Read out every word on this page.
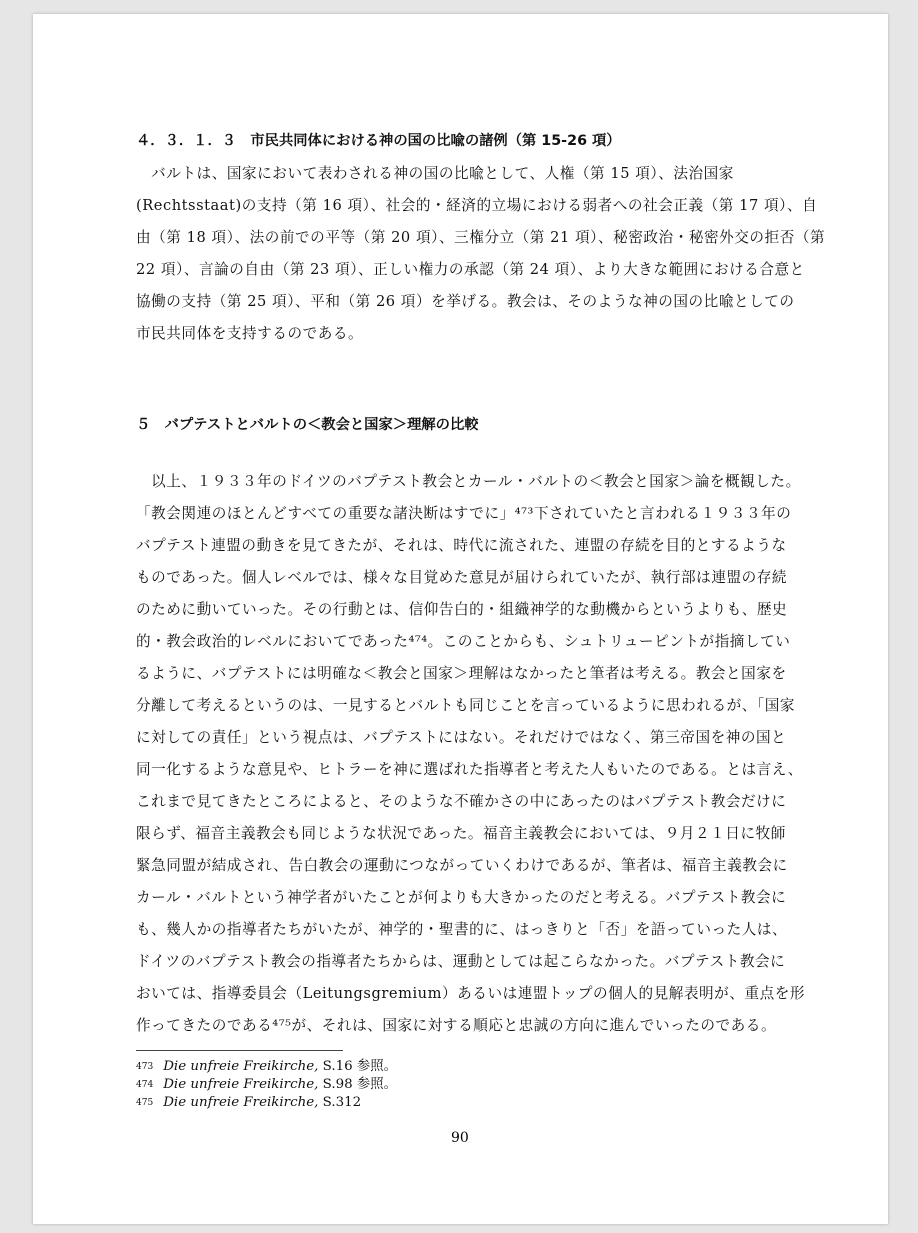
４．３．１．３　市民共同体における神の国の比喩の諸例（第 15-26 項）
　バルトは、国家において表わされる神の国の比喩として、人権（第 15 項）、法治国家
(Rechtsstaat)の支持（第 16 項）、社会的・経済的立場における弱者への社会正義（第 17 項）、自
由（第 18 項）、法の前での平等（第 20 項）、三権分立（第 21 項）、秘密政治・秘密外交の拒否（第
22 項）、言論の自由（第 23 項）、正しい権力の承認（第 24 項）、より大きな範囲における合意と
協働の支持（第 25 項）、平和（第 26 項）を挙げる。教会は、そのような神の国の比喩としての
市民共同体を支持するのである。
５　バプテストとバルトの＜教会と国家＞理解の比較
　以上、１９３３年のドイツのバプテスト教会とカール・バルトの＜教会と国家＞論を概観した。
「教会関連のほとんどすべての重要な諸決断はすでに」⁴⁷³下されていたと言われる１９３３年の
バプテスト連盟の動きを見てきたが、それは、時代に流された、連盟の存続を目的とするような
ものであった。個人レベルでは、様々な目覚めた意見が届けられていたが、執行部は連盟の存続
のために動いていった。その行動とは、信仰告白的・組織神学的な動機からというよりも、歴史
的・教会政治的レベルにおいてであった⁴⁷⁴。このことからも、シュトリューピントが指摘してい
るように、バプテストには明確な＜教会と国家＞理解はなかったと筆者は考える。教会と国家を
分離して考えるというのは、一見するとバルトも同じことを言っているように思われるが、「国家
に対しての責任」という視点は、バプテストにはない。それだけではなく、第三帝国を神の国と
同一化するような意見や、ヒトラーを神に選ばれた指導者と考えた人もいたのである。とは言え、
これまで見てきたところによると、そのような不確かさの中にあったのはバプテスト教会だけに
限らず、福音主義教会も同じような状況であった。福音主義教会においては、９月２１日に牧師
緊急同盟が結成され、告白教会の運動につながっていくわけであるが、筆者は、福音主義教会に
カール・バルトという神学者がいたことが何よりも大きかったのだと考える。バプテスト教会に
も、幾人かの指導者たちがいたが、神学的・聖書的に、はっきりと「否」を語っていった人は、
ドイツのバプテスト教会の指導者たちからは、運動としては起こらなかった。バプテスト教会に
おいては、指導委員会（Leitungsgremium）あるいは連盟トップの個人的見解表明が、重点を形
作ってきたのである⁴⁷⁵が、それは、国家に対する順応と忠誠の方向に進んでいったのである。
$^{473}$ Die unfreie Freikirche, S.16 参照。
$^{474}$ Die unfreie Freikirche, S.98 参照。
$^{475}$ Die unfreie Freikirche, S.312
90
